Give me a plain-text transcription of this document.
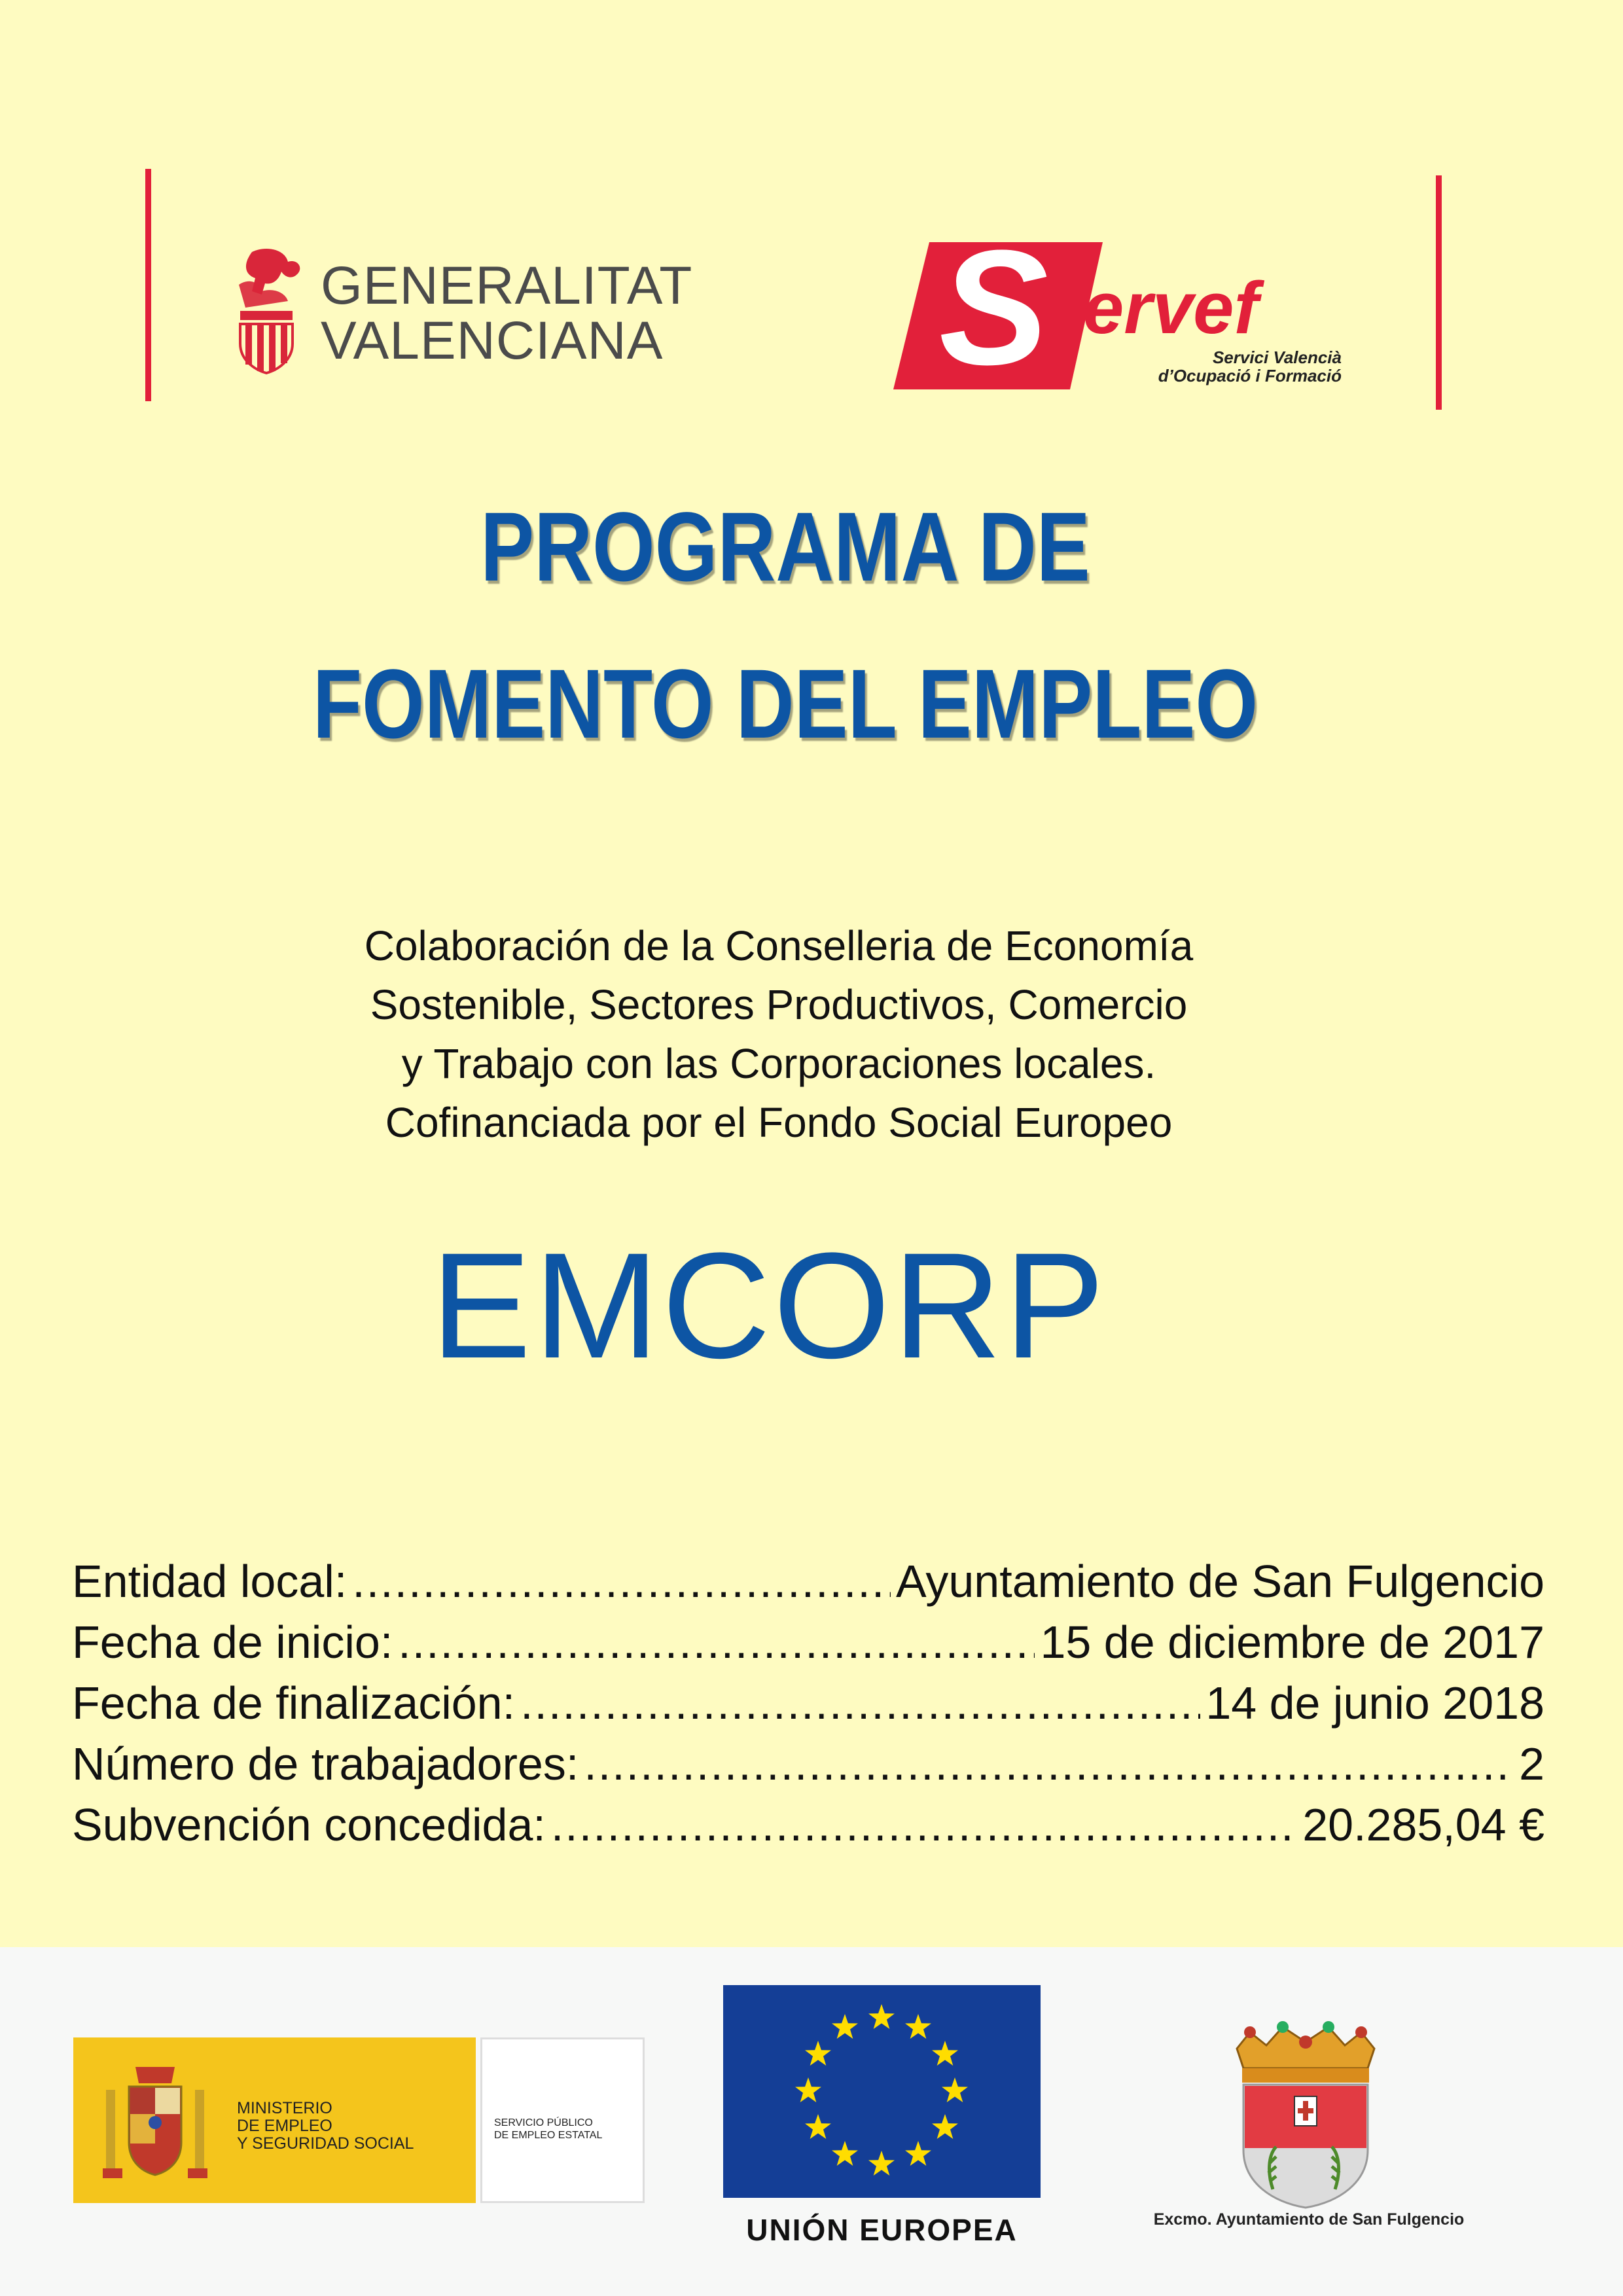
GENERALITAT
VALENCIANA S ervef
Servici Valencià
d’Ocupació i Formació
PROGRAMA DE
FOMENTO DEL EMPLEO
Colaboración de la Conselleria de Economía
Sostenible, Sectores Productivos, Comercio
y Trabajo con las Corporaciones locales.
Cofinanciada por el Fondo Social Europeo
EMCORP
Entidad local: .....	Ayuntamiento de San Fulgencio
Fecha de inicio: .....	15 de diciembre de 2017
Fecha de finalización: .....	14 de junio 2018
Número de trabajadores: .....	2
Subvención concedida: .....	20.285,04 €
MINISTERIO
DE EMPLEO
Y SEGURIDAD SOCIAL
SERVICIO PÚBLICO
DE EMPLEO ESTATAL
UNIÓN EUROPEA	Excmo. Ayuntamiento de San Fulgencio
